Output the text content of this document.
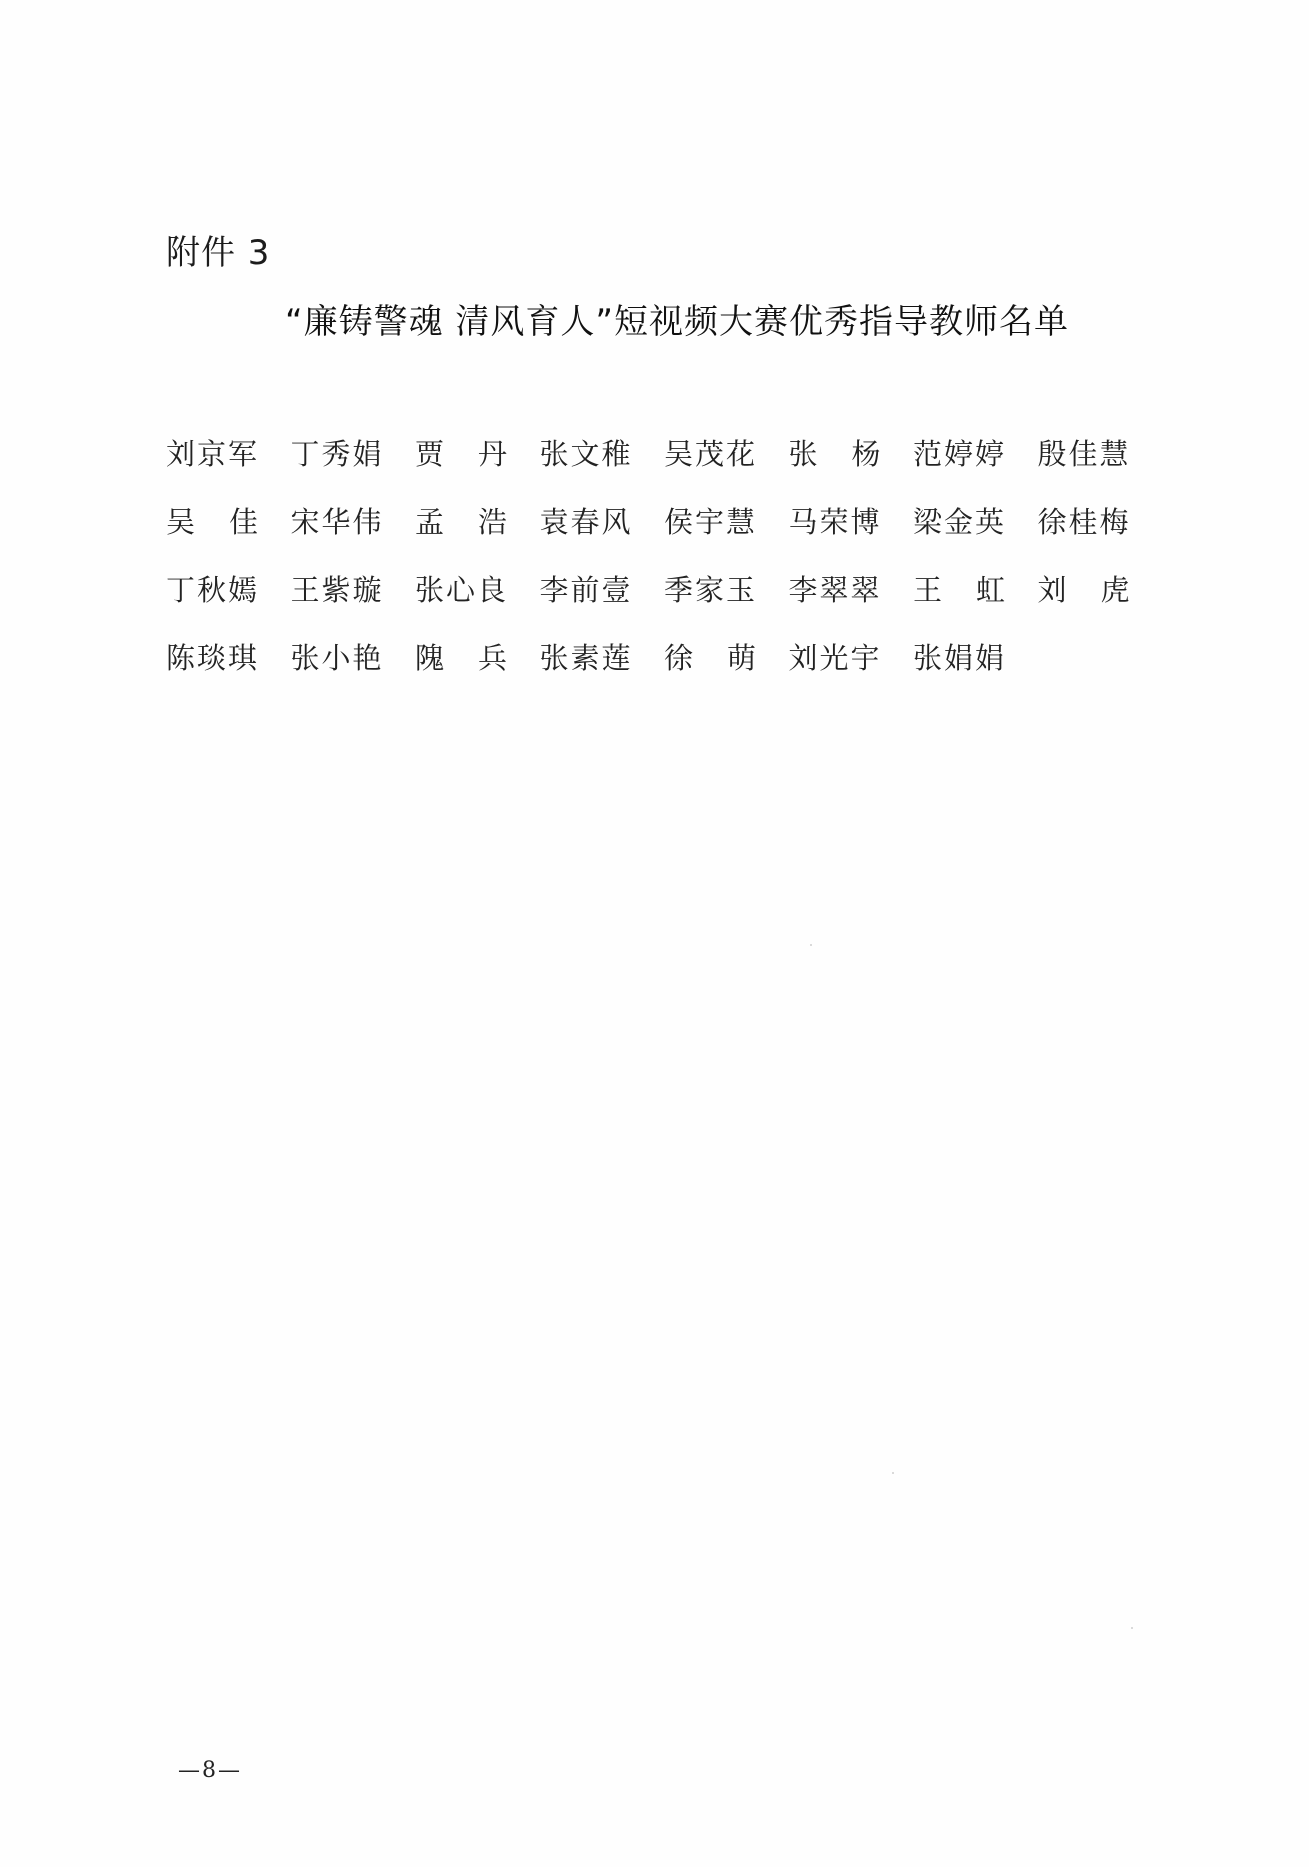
附件 3
“廉铸警魂 清风育人”短视频大赛优秀指导教师名单
刘京军 丁秀娟 贾 丹 张文稚 吴茂花 张 杨 范婷婷 殷佳慧
吴 佳 宋华伟 孟 浩 袁春风 侯宇慧 马荣博 梁金英 徐桂梅
丁秋嫣 王紫璇 张心良 李前壹 季家玉 李翠翠 王 虹 刘 虎
陈琰琪 张小艳 隗 兵 张素莲 徐 萌 刘光宇 张娟娟
—8—
